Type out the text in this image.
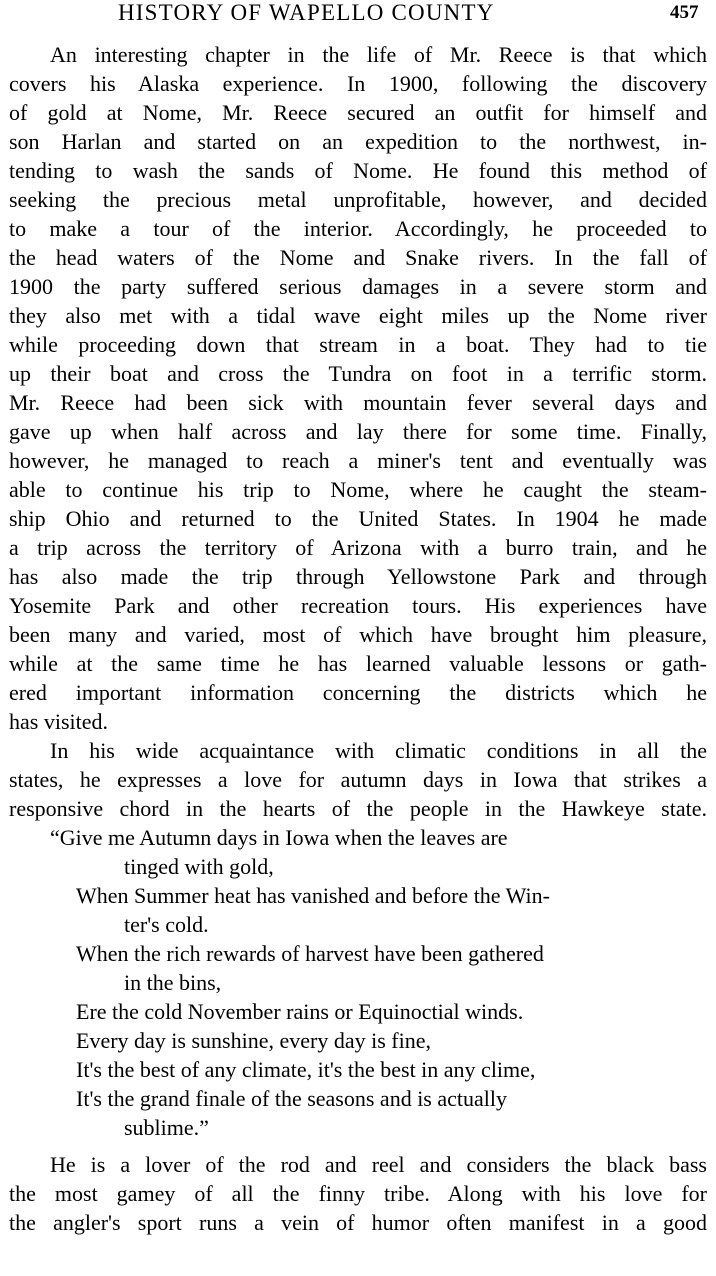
HISTORY OF WAPELLO COUNTY	457
An interesting chapter in the life of Mr. Reece is that which
covers his Alaska experience. In 1900, following the discovery
of gold at Nome, Mr. Reece secured an outfit for himself and
son Harlan and started on an expedition to the northwest, in-
tending to wash the sands of Nome. He found this method of
seeking the precious metal unprofitable, however, and decided
to make a tour of the interior. Accordingly, he proceeded to
the head waters of the Nome and Snake rivers. In the fall of
1900 the party suffered serious damages in a severe storm and
they also met with a tidal wave eight miles up the Nome river
while proceeding down that stream in a boat. They had to tie
up their boat and cross the Tundra on foot in a terrific storm.
Mr. Reece had been sick with mountain fever several days and
gave up when half across and lay there for some time. Finally,
however, he managed to reach a miner's tent and eventually was
able to continue his trip to Nome, where he caught the steam-
ship Ohio and returned to the United States. In 1904 he made
a trip across the territory of Arizona with a burro train, and he
has also made the trip through Yellowstone Park and through
Yosemite Park and other recreation tours. His experiences have
been many and varied, most of which have brought him pleasure,
while at the same time he has learned valuable lessons or gath-
ered important information concerning the districts which he
has visited.
In his wide acquaintance with climatic conditions in all the
states, he expresses a love for autumn days in Iowa that strikes a
responsive chord in the hearts of the people in the Hawkeye state.
“Give me Autumn days in Iowa when the leaves are
tinged with gold,
When Summer heat has vanished and before the Win-
ter's cold.
When the rich rewards of harvest have been gathered
in the bins,
Ere the cold November rains or Equinoctial winds.
Every day is sunshine, every day is fine,
It's the best of any climate, it's the best in any clime,
It's the grand finale of the seasons and is actually
sublime.”
He is a lover of the rod and reel and considers the black bass
the most gamey of all the finny tribe. Along with his love for
the angler's sport runs a vein of humor often manifest in a good
